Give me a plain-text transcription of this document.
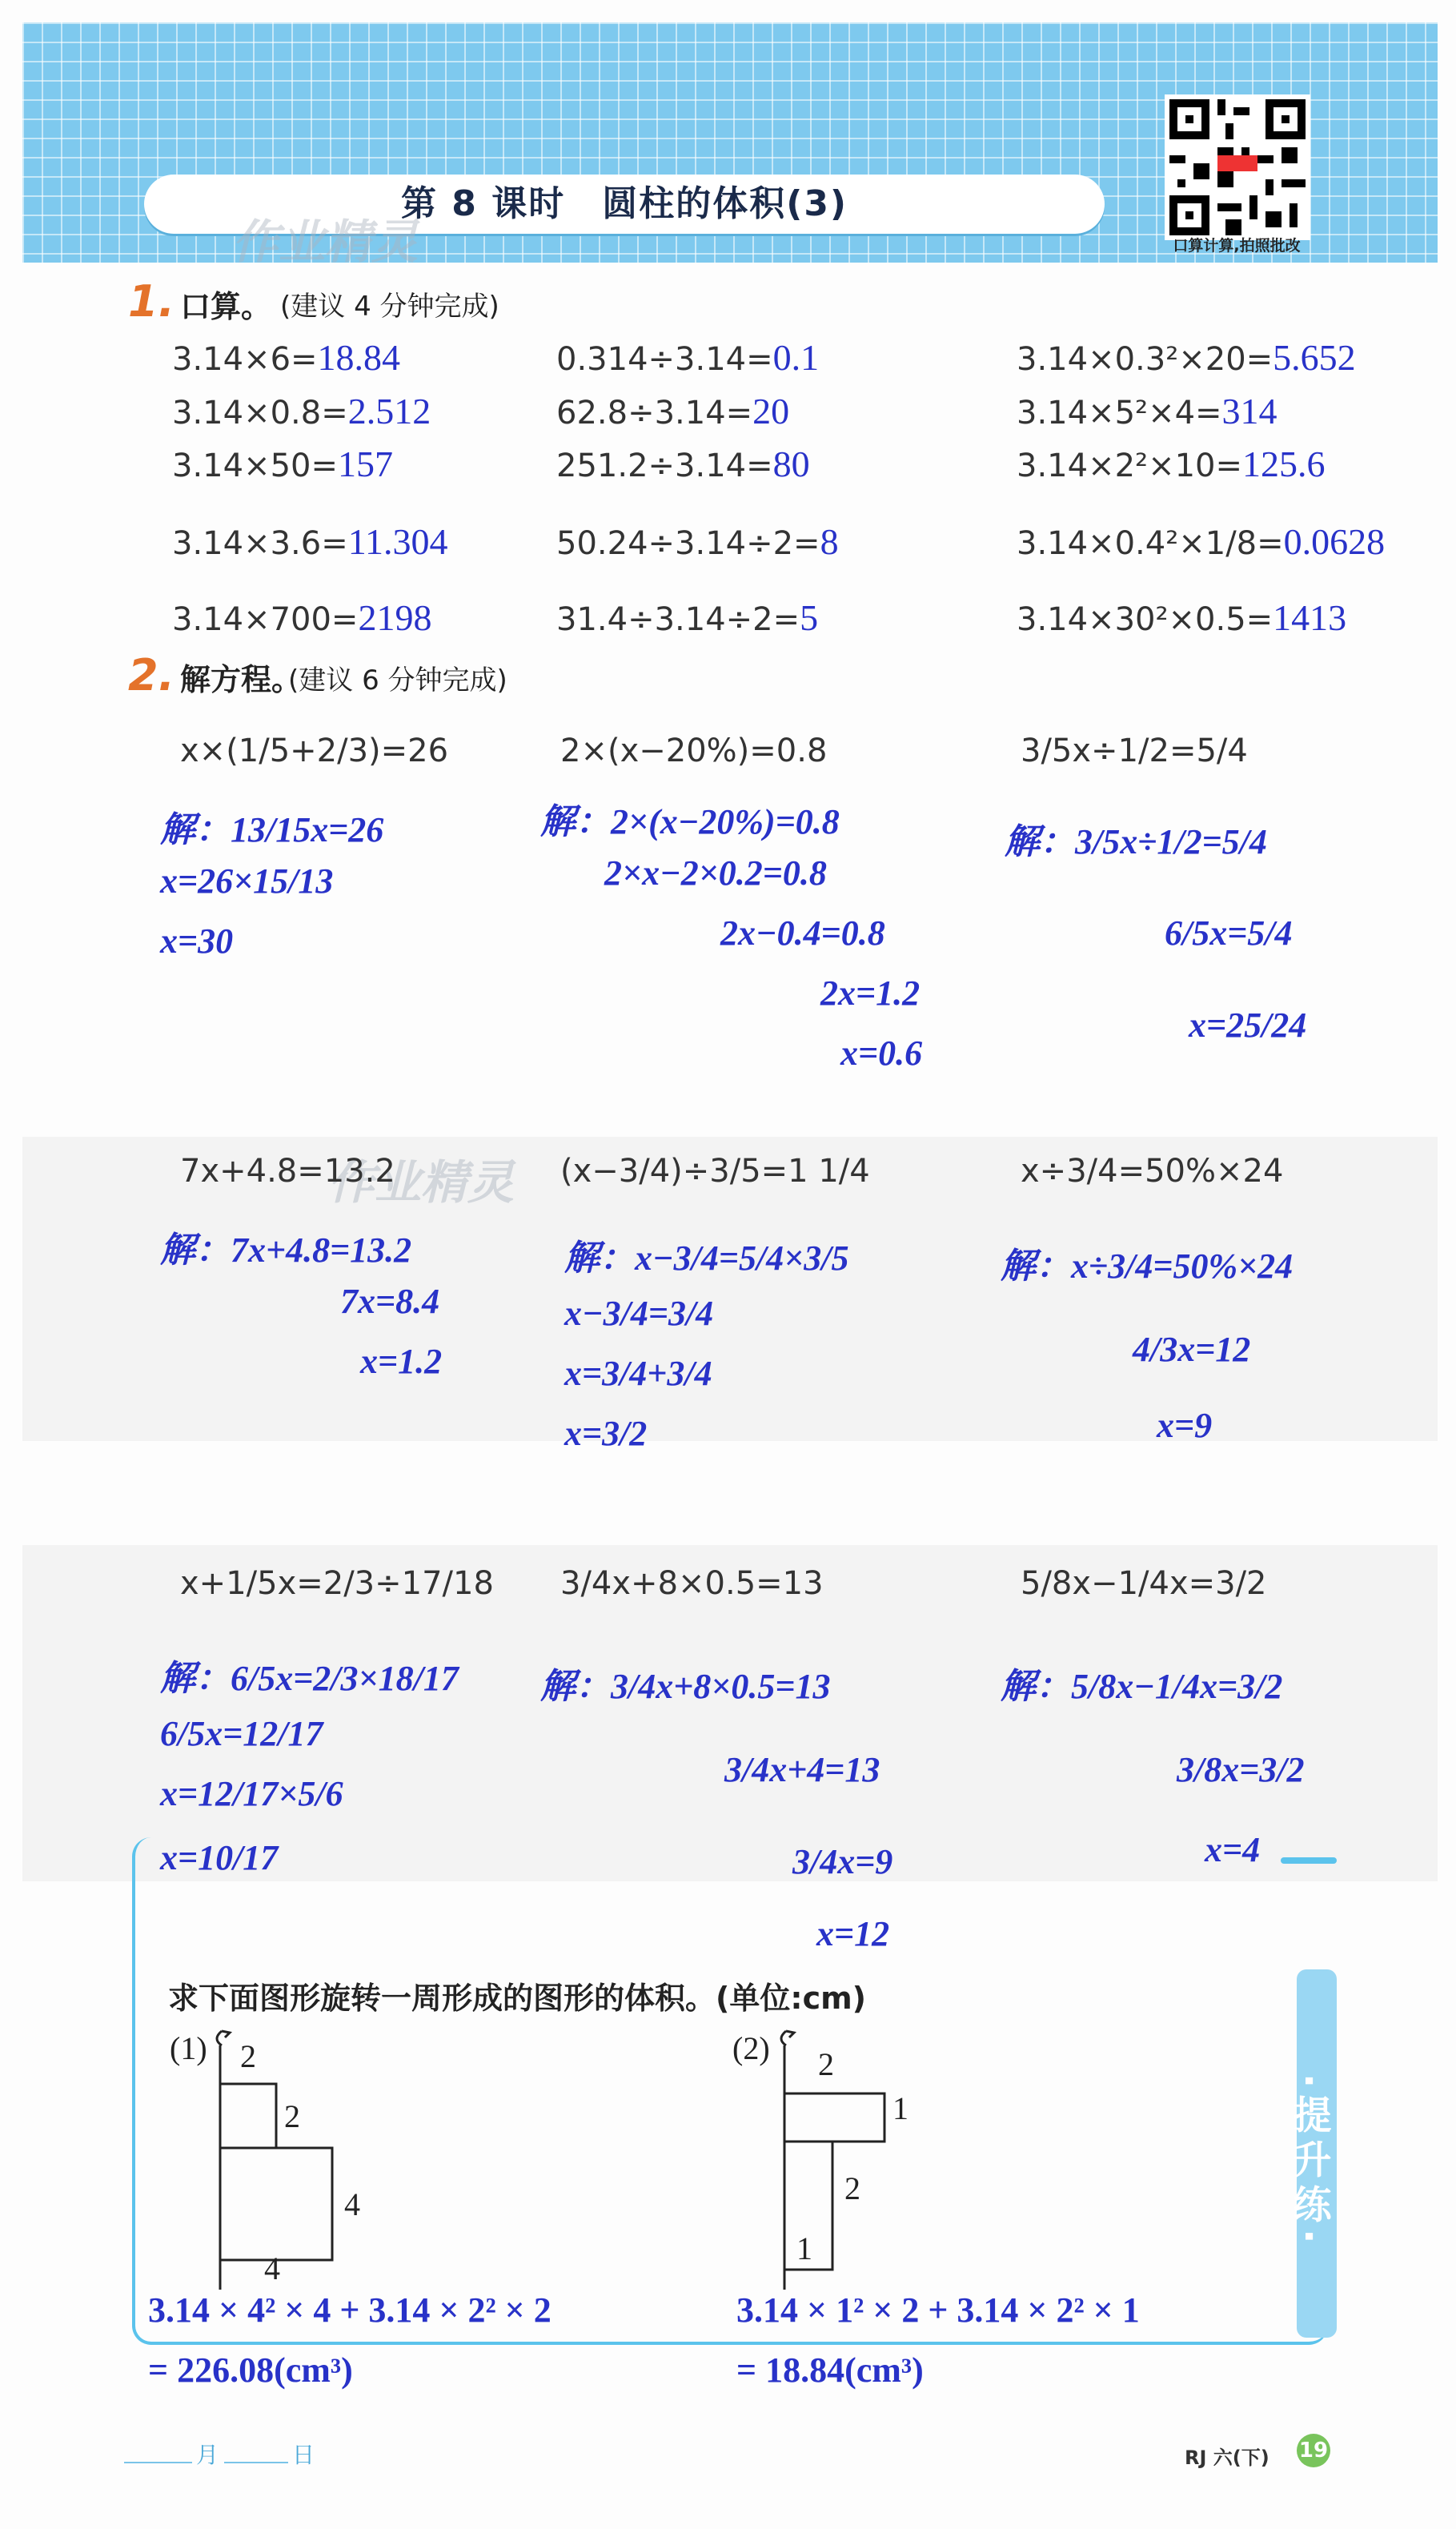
第 8 课时　圆柱的体积(3)
作业精灵	口算计算,拍照批改
1. 口算。 (建议 4 分钟完成)
3.14×6=18.84	0.314÷3.14=0.1	3.14×0.3²×20=5.652
3.14×0.8=2.512	62.8÷3.14=20	3.14×5²×4=314
3.14×50=157	251.2÷3.14=80	3.14×2²×10=125.6
3.14×3.6=11.304	50.24÷3.14÷2=8	3.14×0.4²×1/8=0.0628
3.14×700=2198	31.4÷3.14÷2=5	3.14×30²×0.5=1413
2. 解方程。
(建议 6 分钟完成)
作业精灵
x×(1/5+2/3)=26
解：13/15x=26
x=26×15/13
x=30
2×(x−20%)=0.8
解：2×(x−20%)=0.8
2×x−2×0.2=0.8
2x−0.4=0.8
2x=1.2
x=0.6
3/5x÷1/2=5/4
解：3/5x÷1/2=5/4
6/5x=5/4
x=25/24
7x+4.8=13.2
解：7x+4.8=13.2
7x=8.4
x=1.2
(x−3/4)÷3/5=1 1/4
解：x−3/4=5/4×3/5
x−3/4=3/4
x=3/4+3/4
x=3/2
x÷3/4=50%×24
解：x÷3/4=50%×24
4/3x=12
x=9
x+1/5x=2/3÷17/18
解：6/5x=2/3×18/17
6/5x=12/17
x=12/17×5/6
x=10/17
3/4x+8×0.5=13
解：3/4x+8×0.5=13
3/4x+4=13
3/4x=9
x=12
5/8x−1/4x=3/2
解：5/8x−1/4x=3/2
3/8x=3/2
x=4
·提升练·
求下面图形旋转一周形成的图形的体积。(单位:cm)
(1) 2
2
4
4
(2) 2
1
2
1
3.14 × 4² × 4 + 3.14 × 2² × 2
= 226.08(cm³)
3.14 × 1² × 2 + 3.14 × 2² × 1
= 18.84(cm³)
月	日	RJ 六(下) 19
